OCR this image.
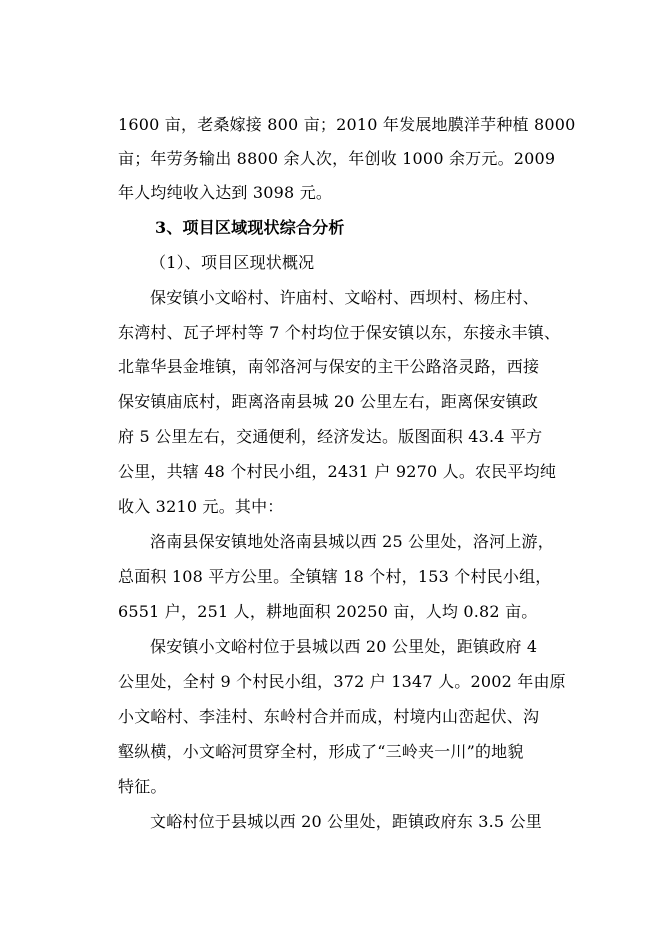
1600 亩，老桑嫁接 800 亩；2010 年发展地膜洋芋种植 8000
亩；年劳务输出 8800 余人次，年创收 1000 余万元。2009
年人均纯收入达到 3098 元。
3、项目区域现状综合分析
（1）、项目区现状概况
保安镇小文峪村、许庙村、文峪村、西坝村、杨庄村、
东湾村、瓦子坪村等 7 个村均位于保安镇以东，东接永丰镇、
北靠华县金堆镇，南邻洛河与保安的主干公路洛灵路，西接
保安镇庙底村，距离洛南县城 20 公里左右，距离保安镇政
府 5 公里左右，交通便利，经济发达。版图面积 43.4 平方
公里，共辖 48 个村民小组，2431 户 9270 人。农民平均纯
收入 3210 元。其中：
洛南县保安镇地处洛南县城以西 25 公里处，洛河上游，
总面积 108 平方公里。全镇辖 18 个村，153 个村民小组，
6551 户，251 人，耕地面积 20250 亩，人均 0.82 亩。
保安镇小文峪村位于县城以西 20 公里处，距镇政府 4
公里处，全村 9 个村民小组，372 户 1347 人。2002 年由原
小文峪村、李洼村、东岭村合并而成，村境内山峦起伏、沟
壑纵横，小文峪河贯穿全村，形成了“三岭夹一川”的地貌
特征。
文峪村位于县城以西 20 公里处，距镇政府东 3.5 公里
